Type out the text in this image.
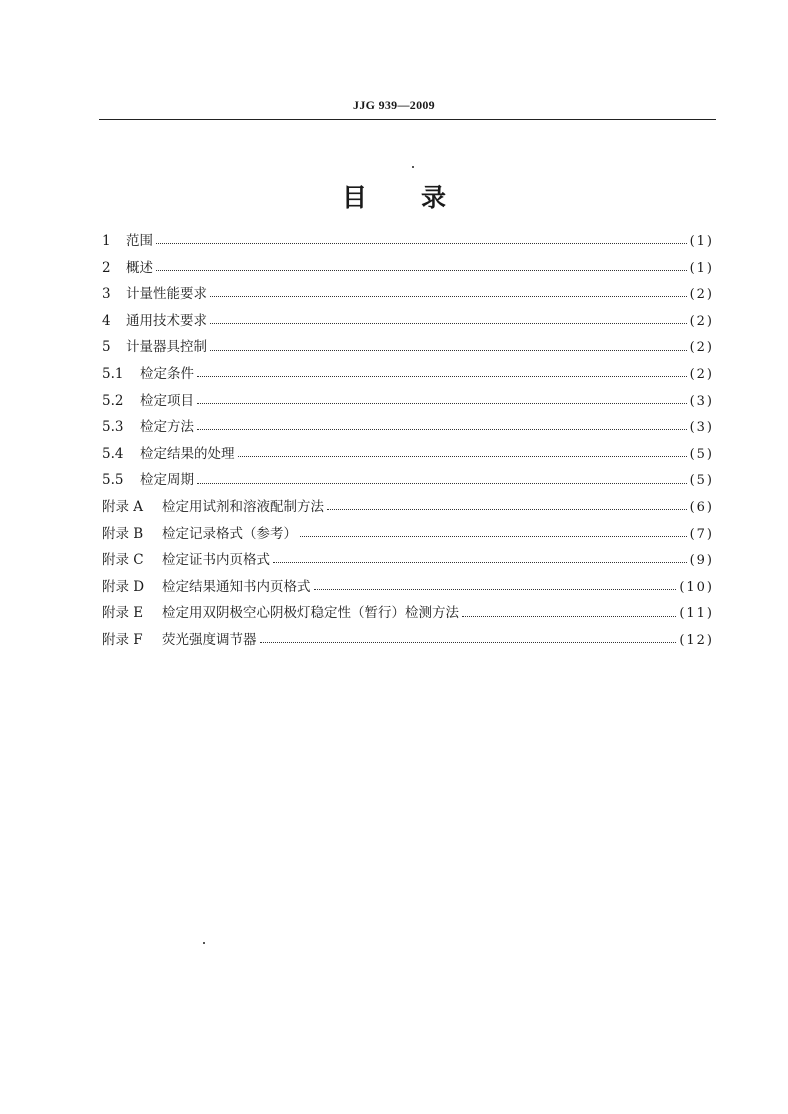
JJG 939—2009
目 录
1	范围	(1)
2	概述	(1)
3	计量性能要求	(2)
4	通用技术要求	(2)
5	计量器具控制	(2)
5.1	检定条件	(2)
5.2	检定项目	(3)
5.3	检定方法	(3)
5.4	检定结果的处理	(5)
5.5	检定周期	(5)
附录 A	检定用试剂和溶液配制方法	(6)
附录 B	检定记录格式（参考）	(7)
附录 C	检定证书内页格式	(9)
附录 D	检定结果通知书内页格式	(10)
附录 E	检定用双阴极空心阴极灯稳定性（暂行）检测方法	(11)
附录 F	荧光强度调节器	(12)
